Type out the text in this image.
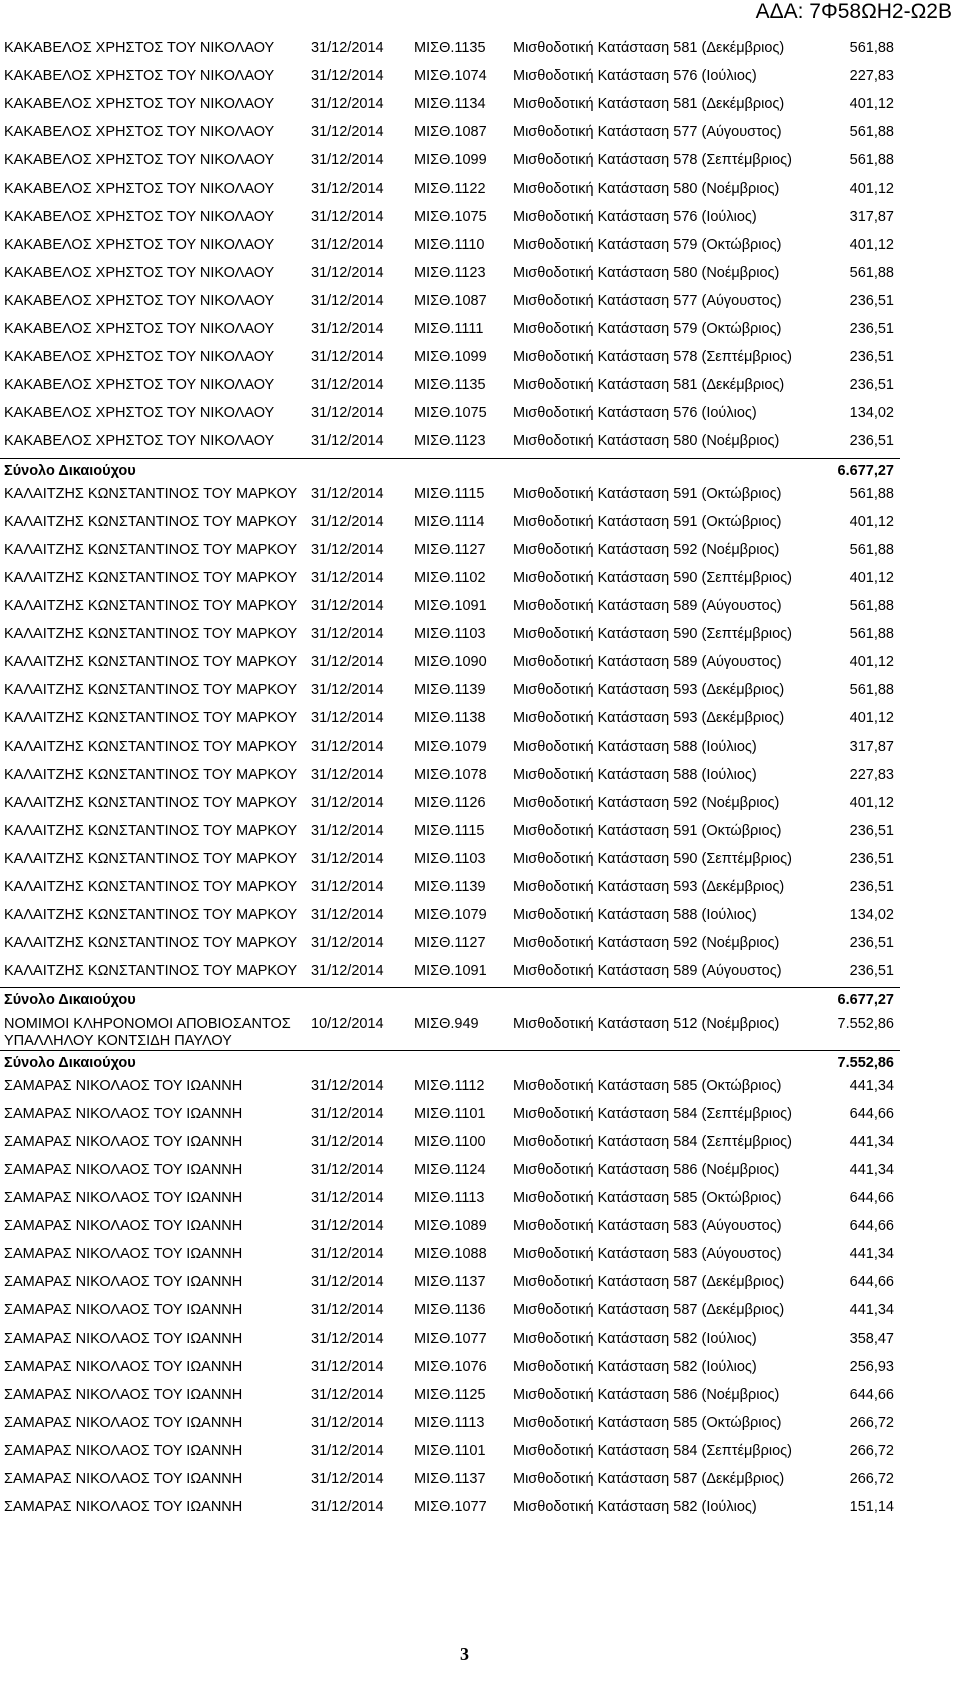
ΑΔΑ: 7Φ58ΩΗ2-Ω2Β
ΚΑΚΑΒΕΛΟΣ ΧΡΗΣΤΟΣ ΤΟΥ ΝΙΚΟΛΑΟΥ	31/12/2014 ΜΙΣΘ.1135 Μισθοδοτική Κατάσταση 581 (Δεκέμβριος)	561,88
ΚΑΚΑΒΕΛΟΣ ΧΡΗΣΤΟΣ ΤΟΥ ΝΙΚΟΛΑΟΥ	31/12/2014 ΜΙΣΘ.1074 Μισθοδοτική Κατάσταση 576 (Ιούλιος)	227,83
ΚΑΚΑΒΕΛΟΣ ΧΡΗΣΤΟΣ ΤΟΥ ΝΙΚΟΛΑΟΥ	31/12/2014 ΜΙΣΘ.1134 Μισθοδοτική Κατάσταση 581 (Δεκέμβριος)	401,12
ΚΑΚΑΒΕΛΟΣ ΧΡΗΣΤΟΣ ΤΟΥ ΝΙΚΟΛΑΟΥ	31/12/2014 ΜΙΣΘ.1087 Μισθοδοτική Κατάσταση 577 (Αύγουστος)	561,88
ΚΑΚΑΒΕΛΟΣ ΧΡΗΣΤΟΣ ΤΟΥ ΝΙΚΟΛΑΟΥ	31/12/2014 ΜΙΣΘ.1099 Μισθοδοτική Κατάσταση 578 (Σεπτέμβριος)	561,88
ΚΑΚΑΒΕΛΟΣ ΧΡΗΣΤΟΣ ΤΟΥ ΝΙΚΟΛΑΟΥ	31/12/2014 ΜΙΣΘ.1122 Μισθοδοτική Κατάσταση 580 (Νοέμβριος)	401,12
ΚΑΚΑΒΕΛΟΣ ΧΡΗΣΤΟΣ ΤΟΥ ΝΙΚΟΛΑΟΥ	31/12/2014 ΜΙΣΘ.1075 Μισθοδοτική Κατάσταση 576 (Ιούλιος)	317,87
ΚΑΚΑΒΕΛΟΣ ΧΡΗΣΤΟΣ ΤΟΥ ΝΙΚΟΛΑΟΥ	31/12/2014 ΜΙΣΘ.1110 Μισθοδοτική Κατάσταση 579 (Οκτώβριος)	401,12
ΚΑΚΑΒΕΛΟΣ ΧΡΗΣΤΟΣ ΤΟΥ ΝΙΚΟΛΑΟΥ	31/12/2014 ΜΙΣΘ.1123 Μισθοδοτική Κατάσταση 580 (Νοέμβριος)	561,88
ΚΑΚΑΒΕΛΟΣ ΧΡΗΣΤΟΣ ΤΟΥ ΝΙΚΟΛΑΟΥ	31/12/2014 ΜΙΣΘ.1087 Μισθοδοτική Κατάσταση 577 (Αύγουστος)	236,51
ΚΑΚΑΒΕΛΟΣ ΧΡΗΣΤΟΣ ΤΟΥ ΝΙΚΟΛΑΟΥ	31/12/2014 ΜΙΣΘ.1111 Μισθοδοτική Κατάσταση 579 (Οκτώβριος)	236,51
ΚΑΚΑΒΕΛΟΣ ΧΡΗΣΤΟΣ ΤΟΥ ΝΙΚΟΛΑΟΥ	31/12/2014 ΜΙΣΘ.1099 Μισθοδοτική Κατάσταση 578 (Σεπτέμβριος)	236,51
ΚΑΚΑΒΕΛΟΣ ΧΡΗΣΤΟΣ ΤΟΥ ΝΙΚΟΛΑΟΥ	31/12/2014 ΜΙΣΘ.1135 Μισθοδοτική Κατάσταση 581 (Δεκέμβριος)	236,51
ΚΑΚΑΒΕΛΟΣ ΧΡΗΣΤΟΣ ΤΟΥ ΝΙΚΟΛΑΟΥ	31/12/2014 ΜΙΣΘ.1075 Μισθοδοτική Κατάσταση 576 (Ιούλιος)	134,02
ΚΑΚΑΒΕΛΟΣ ΧΡΗΣΤΟΣ ΤΟΥ ΝΙΚΟΛΑΟΥ	31/12/2014 ΜΙΣΘ.1123 Μισθοδοτική Κατάσταση 580 (Νοέμβριος)	236,51
Σύνολο Δικαιούχου	6.677,27
ΚΑΛΑΙΤΖΗΣ ΚΩΝΣΤΑΝΤΙΝΟΣ ΤΟΥ ΜΑΡΚΟΥ 31/12/2014 ΜΙΣΘ.1115 Μισθοδοτική Κατάσταση 591 (Οκτώβριος)	561,88
ΚΑΛΑΙΤΖΗΣ ΚΩΝΣΤΑΝΤΙΝΟΣ ΤΟΥ ΜΑΡΚΟΥ 31/12/2014 ΜΙΣΘ.1114 Μισθοδοτική Κατάσταση 591 (Οκτώβριος)	401,12
ΚΑΛΑΙΤΖΗΣ ΚΩΝΣΤΑΝΤΙΝΟΣ ΤΟΥ ΜΑΡΚΟΥ 31/12/2014 ΜΙΣΘ.1127 Μισθοδοτική Κατάσταση 592 (Νοέμβριος)	561,88
ΚΑΛΑΙΤΖΗΣ ΚΩΝΣΤΑΝΤΙΝΟΣ ΤΟΥ ΜΑΡΚΟΥ 31/12/2014 ΜΙΣΘ.1102 Μισθοδοτική Κατάσταση 590 (Σεπτέμβριος)	401,12
ΚΑΛΑΙΤΖΗΣ ΚΩΝΣΤΑΝΤΙΝΟΣ ΤΟΥ ΜΑΡΚΟΥ 31/12/2014 ΜΙΣΘ.1091 Μισθοδοτική Κατάσταση 589 (Αύγουστος)	561,88
ΚΑΛΑΙΤΖΗΣ ΚΩΝΣΤΑΝΤΙΝΟΣ ΤΟΥ ΜΑΡΚΟΥ 31/12/2014 ΜΙΣΘ.1103 Μισθοδοτική Κατάσταση 590 (Σεπτέμβριος)	561,88
ΚΑΛΑΙΤΖΗΣ ΚΩΝΣΤΑΝΤΙΝΟΣ ΤΟΥ ΜΑΡΚΟΥ 31/12/2014 ΜΙΣΘ.1090 Μισθοδοτική Κατάσταση 589 (Αύγουστος)	401,12
ΚΑΛΑΙΤΖΗΣ ΚΩΝΣΤΑΝΤΙΝΟΣ ΤΟΥ ΜΑΡΚΟΥ 31/12/2014 ΜΙΣΘ.1139 Μισθοδοτική Κατάσταση 593 (Δεκέμβριος)	561,88
ΚΑΛΑΙΤΖΗΣ ΚΩΝΣΤΑΝΤΙΝΟΣ ΤΟΥ ΜΑΡΚΟΥ 31/12/2014 ΜΙΣΘ.1138 Μισθοδοτική Κατάσταση 593 (Δεκέμβριος)	401,12
ΚΑΛΑΙΤΖΗΣ ΚΩΝΣΤΑΝΤΙΝΟΣ ΤΟΥ ΜΑΡΚΟΥ 31/12/2014 ΜΙΣΘ.1079 Μισθοδοτική Κατάσταση 588 (Ιούλιος)	317,87
ΚΑΛΑΙΤΖΗΣ ΚΩΝΣΤΑΝΤΙΝΟΣ ΤΟΥ ΜΑΡΚΟΥ 31/12/2014 ΜΙΣΘ.1078 Μισθοδοτική Κατάσταση 588 (Ιούλιος)	227,83
ΚΑΛΑΙΤΖΗΣ ΚΩΝΣΤΑΝΤΙΝΟΣ ΤΟΥ ΜΑΡΚΟΥ 31/12/2014 ΜΙΣΘ.1126 Μισθοδοτική Κατάσταση 592 (Νοέμβριος)	401,12
ΚΑΛΑΙΤΖΗΣ ΚΩΝΣΤΑΝΤΙΝΟΣ ΤΟΥ ΜΑΡΚΟΥ 31/12/2014 ΜΙΣΘ.1115 Μισθοδοτική Κατάσταση 591 (Οκτώβριος)	236,51
ΚΑΛΑΙΤΖΗΣ ΚΩΝΣΤΑΝΤΙΝΟΣ ΤΟΥ ΜΑΡΚΟΥ 31/12/2014 ΜΙΣΘ.1103 Μισθοδοτική Κατάσταση 590 (Σεπτέμβριος)	236,51
ΚΑΛΑΙΤΖΗΣ ΚΩΝΣΤΑΝΤΙΝΟΣ ΤΟΥ ΜΑΡΚΟΥ 31/12/2014 ΜΙΣΘ.1139 Μισθοδοτική Κατάσταση 593 (Δεκέμβριος)	236,51
ΚΑΛΑΙΤΖΗΣ ΚΩΝΣΤΑΝΤΙΝΟΣ ΤΟΥ ΜΑΡΚΟΥ 31/12/2014 ΜΙΣΘ.1079 Μισθοδοτική Κατάσταση 588 (Ιούλιος)	134,02
ΚΑΛΑΙΤΖΗΣ ΚΩΝΣΤΑΝΤΙΝΟΣ ΤΟΥ ΜΑΡΚΟΥ 31/12/2014 ΜΙΣΘ.1127 Μισθοδοτική Κατάσταση 592 (Νοέμβριος)	236,51
ΚΑΛΑΙΤΖΗΣ ΚΩΝΣΤΑΝΤΙΝΟΣ ΤΟΥ ΜΑΡΚΟΥ 31/12/2014 ΜΙΣΘ.1091 Μισθοδοτική Κατάσταση 589 (Αύγουστος)	236,51
Σύνολο Δικαιούχου	6.677,27
ΝΟΜΙΜΟΙ ΚΛΗΡΟΝΟΜΟΙ ΑΠΟΒΙΟΣΑΝΤΟΣ ΥΠΑΛΛΗΛΟΥ ΚΟΝΤΣΙΔΗ ΠΑΥΛΟΥ
10/12/2014 ΜΙΣΘ.949 Μισθοδοτική Κατάσταση 512 (Νοέμβριος)	7.552,86
Σύνολο Δικαιούχου	7.552,86
ΣΑΜΑΡΑΣ ΝΙΚΟΛΑΟΣ ΤΟΥ ΙΩΑΝΝΗ	31/12/2014 ΜΙΣΘ.1112 Μισθοδοτική Κατάσταση 585 (Οκτώβριος)	441,34
ΣΑΜΑΡΑΣ ΝΙΚΟΛΑΟΣ ΤΟΥ ΙΩΑΝΝΗ	31/12/2014 ΜΙΣΘ.1101 Μισθοδοτική Κατάσταση 584 (Σεπτέμβριος)	644,66
ΣΑΜΑΡΑΣ ΝΙΚΟΛΑΟΣ ΤΟΥ ΙΩΑΝΝΗ	31/12/2014 ΜΙΣΘ.1100 Μισθοδοτική Κατάσταση 584 (Σεπτέμβριος)	441,34
ΣΑΜΑΡΑΣ ΝΙΚΟΛΑΟΣ ΤΟΥ ΙΩΑΝΝΗ	31/12/2014 ΜΙΣΘ.1124 Μισθοδοτική Κατάσταση 586 (Νοέμβριος)	441,34
ΣΑΜΑΡΑΣ ΝΙΚΟΛΑΟΣ ΤΟΥ ΙΩΑΝΝΗ	31/12/2014 ΜΙΣΘ.1113 Μισθοδοτική Κατάσταση 585 (Οκτώβριος)	644,66
ΣΑΜΑΡΑΣ ΝΙΚΟΛΑΟΣ ΤΟΥ ΙΩΑΝΝΗ	31/12/2014 ΜΙΣΘ.1089 Μισθοδοτική Κατάσταση 583 (Αύγουστος)	644,66
ΣΑΜΑΡΑΣ ΝΙΚΟΛΑΟΣ ΤΟΥ ΙΩΑΝΝΗ	31/12/2014 ΜΙΣΘ.1088 Μισθοδοτική Κατάσταση 583 (Αύγουστος)	441,34
ΣΑΜΑΡΑΣ ΝΙΚΟΛΑΟΣ ΤΟΥ ΙΩΑΝΝΗ	31/12/2014 ΜΙΣΘ.1137 Μισθοδοτική Κατάσταση 587 (Δεκέμβριος)	644,66
ΣΑΜΑΡΑΣ ΝΙΚΟΛΑΟΣ ΤΟΥ ΙΩΑΝΝΗ	31/12/2014 ΜΙΣΘ.1136 Μισθοδοτική Κατάσταση 587 (Δεκέμβριος)	441,34
ΣΑΜΑΡΑΣ ΝΙΚΟΛΑΟΣ ΤΟΥ ΙΩΑΝΝΗ	31/12/2014 ΜΙΣΘ.1077 Μισθοδοτική Κατάσταση 582 (Ιούλιος)	358,47
ΣΑΜΑΡΑΣ ΝΙΚΟΛΑΟΣ ΤΟΥ ΙΩΑΝΝΗ	31/12/2014 ΜΙΣΘ.1076 Μισθοδοτική Κατάσταση 582 (Ιούλιος)	256,93
ΣΑΜΑΡΑΣ ΝΙΚΟΛΑΟΣ ΤΟΥ ΙΩΑΝΝΗ	31/12/2014 ΜΙΣΘ.1125 Μισθοδοτική Κατάσταση 586 (Νοέμβριος)	644,66
ΣΑΜΑΡΑΣ ΝΙΚΟΛΑΟΣ ΤΟΥ ΙΩΑΝΝΗ	31/12/2014 ΜΙΣΘ.1113 Μισθοδοτική Κατάσταση 585 (Οκτώβριος)	266,72
ΣΑΜΑΡΑΣ ΝΙΚΟΛΑΟΣ ΤΟΥ ΙΩΑΝΝΗ	31/12/2014 ΜΙΣΘ.1101 Μισθοδοτική Κατάσταση 584 (Σεπτέμβριος)	266,72
ΣΑΜΑΡΑΣ ΝΙΚΟΛΑΟΣ ΤΟΥ ΙΩΑΝΝΗ	31/12/2014 ΜΙΣΘ.1137 Μισθοδοτική Κατάσταση 587 (Δεκέμβριος)	266,72
ΣΑΜΑΡΑΣ ΝΙΚΟΛΑΟΣ ΤΟΥ ΙΩΑΝΝΗ	31/12/2014 ΜΙΣΘ.1077 Μισθοδοτική Κατάσταση 582 (Ιούλιος)	151,14
3
